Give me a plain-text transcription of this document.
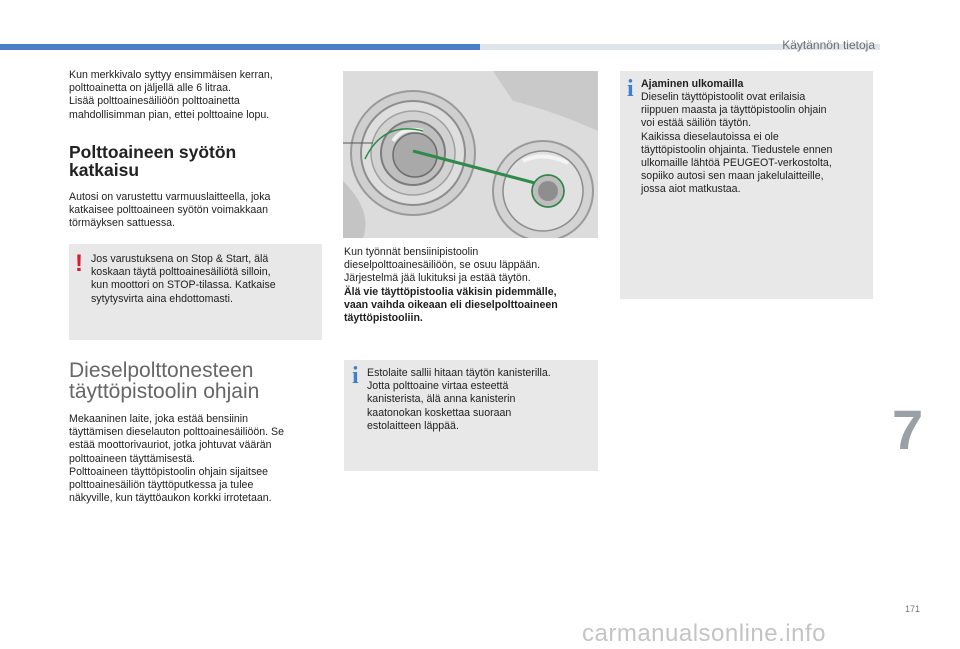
Käytännön tietoja

Kun merkkivalo syttyy ensimmäisen kerran,
polttoainetta on jäljellä alle 6 litraa.
Lisää polttoainesäiliöön polttoainetta
mahdollisimman pian, ettei polttoaine lopu.

Polttoaineen syötön
katkaisu

Autosi on varustettu varmuuslaitteella, joka
katkaisee polttoaineen syötön voimakkaan
törmäyksen sattuessa.

! Jos varustuksena on Stop & Start, älä
koskaan täytä polttoainesäiliötä silloin,
kun moottori on STOP-tilassa. Katkaise
sytytysvirta aina ehdottomasti.

Dieselpolttonesteen
täyttöpistoolin ohjain

Mekaaninen laite, joka estää bensiinin
täyttämisen dieselauton polttoainesäiliöön. Se
estää moottorivauriot, jotka johtuvat väärän
polttoaineen täyttämisestä.
Polttoaineen täyttöpistoolin ohjain sijaitsee
polttoainesäiliön täyttöputkessa ja tulee
näkyville, kun täyttöaukon korkki irrotetaan.

Kun työnnät bensiinipistoolin
dieselpolttoainesäiliöön, se osuu läppään.
Järjestelmä jää lukituksi ja estää täytön.

Älä vie täyttöpistoolia väkisin pidemmälle,
vaan vaihda oikeaan eli dieselpolttoaineen
täyttöpistooliin.

i Estolaite sallii hitaan täytön kanisterilla.
Jotta polttoaine virtaa esteettä
kanisterista, älä anna kanisterin
kaatonokan koskettaa suoraan
estolaitteen läppää.

i Ajaminen ulkomailla

Dieselin täyttöpistoolit ovat erilaisia
riippuen maasta ja täyttöpistoolin ohjain
voi estää säiliön täytön.
Kaikissa dieselautoissa ei ole
täyttöpistoolin ohjainta. Tiedustele ennen
ulkomaille lähtöä PEUGEOT-verkostolta,
sopiiko autosi sen maan jakelulaitteille,
jossa aiot matkustaa.

7
171
carmanualsonline.info
